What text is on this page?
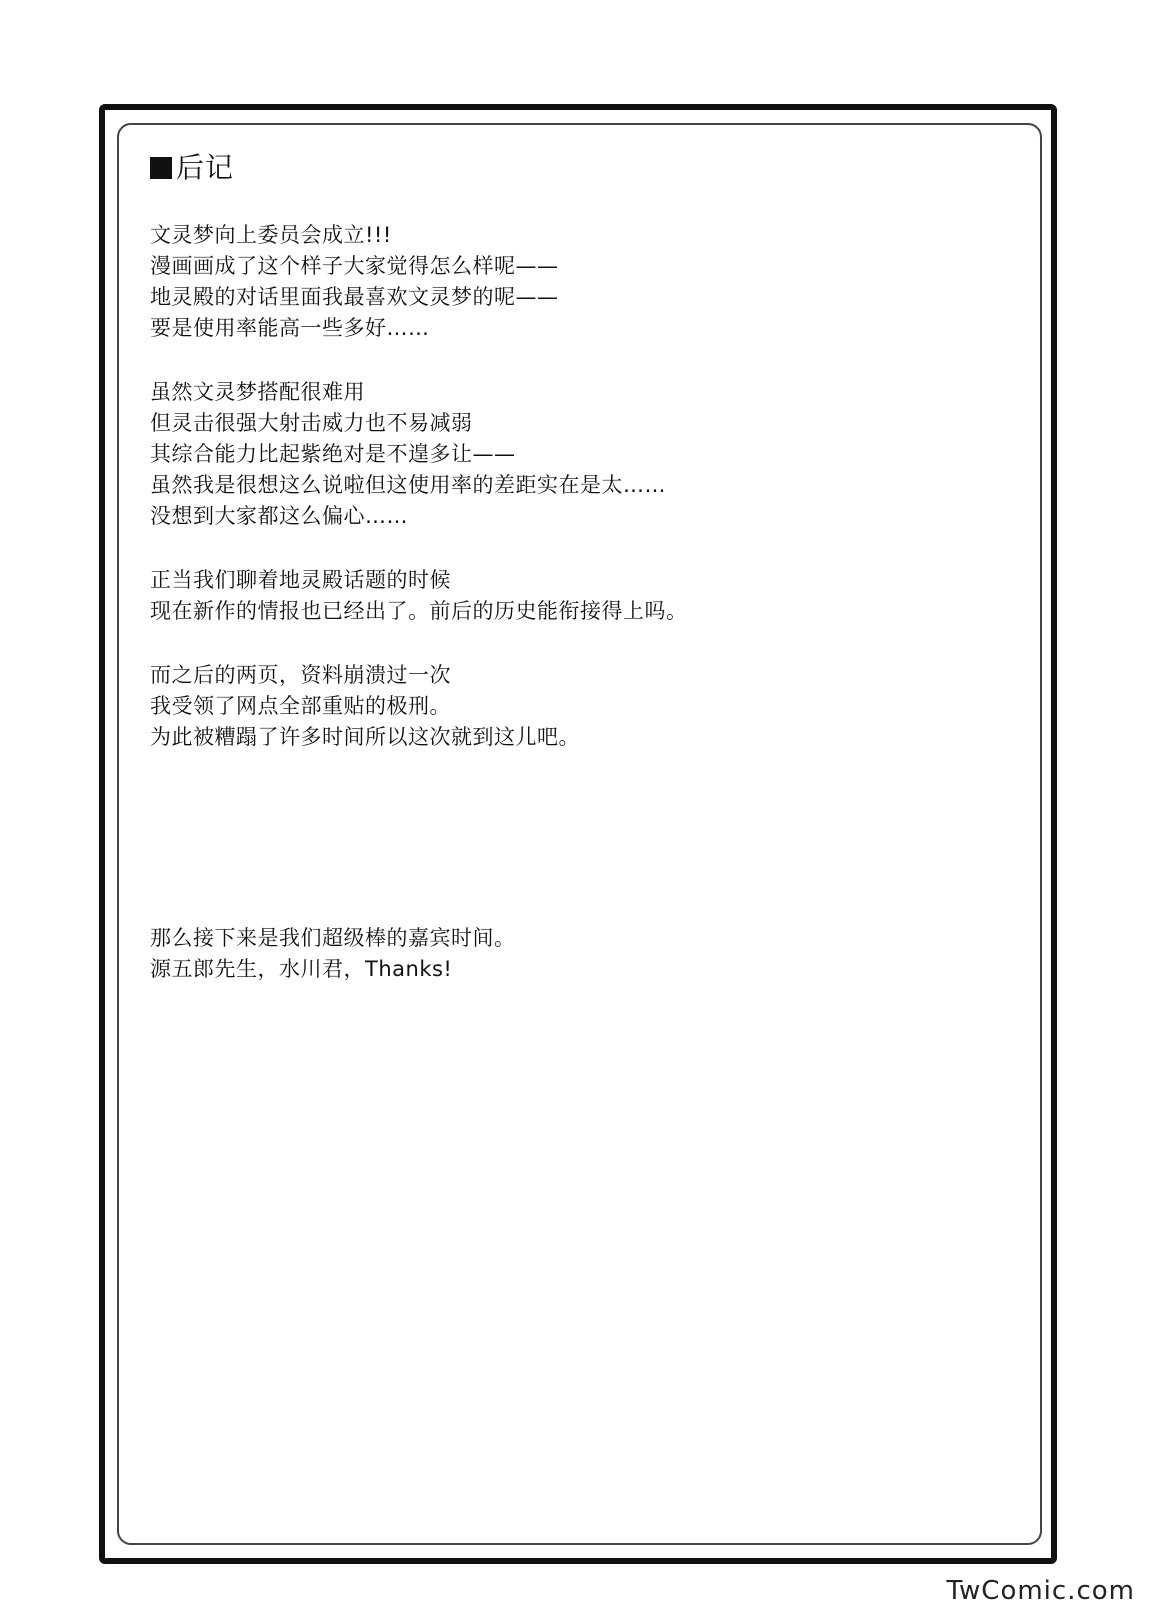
后记

文灵梦向上委员会成立!!!
漫画画成了这个样子大家觉得怎么样呢——
地灵殿的对话里面我最喜欢文灵梦的呢——
要是使用率能高一些多好……

虽然文灵梦搭配很难用
但灵击很强大射击威力也不易减弱
其综合能力比起紫绝对是不遑多让——
虽然我是很想这么说啦但这使用率的差距实在是太……
没想到大家都这么偏心……

正当我们聊着地灵殿话题的时候
现在新作的情报也已经出了。前后的历史能衔接得上吗。

而之后的两页，资料崩溃过一次
我受领了网点全部重贴的极刑。
为此被糟蹋了许多时间所以这次就到这儿吧。

那么接下来是我们超级棒的嘉宾时间。
源五郎先生，水川君，Thanks!

TwComic.com
